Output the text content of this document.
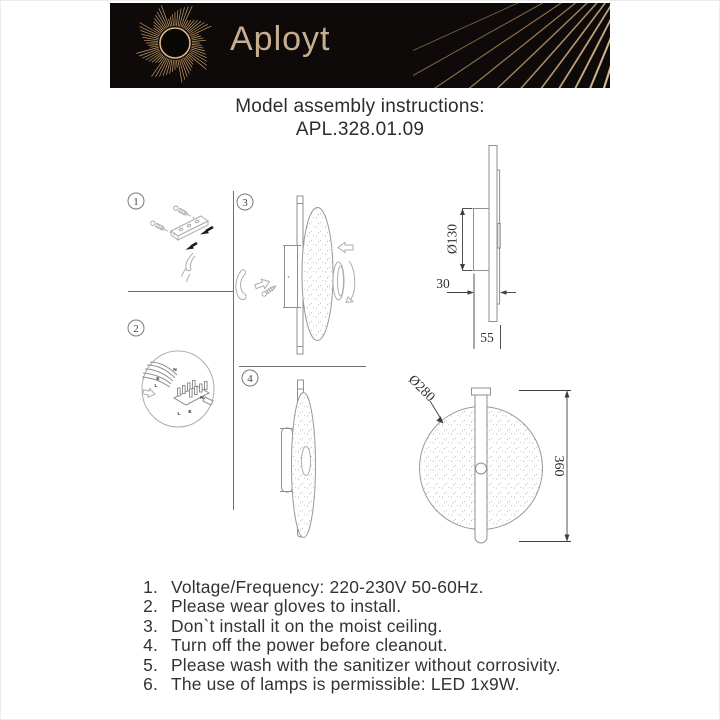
Aployt
Model assembly instructions:
APL.328.01.09
1
2
3
4
N
E
L
N
L E
Ø130
30
55
Ø280
360
1. Voltage/Frequency: 220-230V 50-60Hz.
2. Please wear gloves to install.
3. Don`t install it on the moist ceiling.
4. Turn off the power before cleanout.
5. Please wash with the sanitizer without corrosivity.
6. The use of lamps is permissible: LED 1x9W.
